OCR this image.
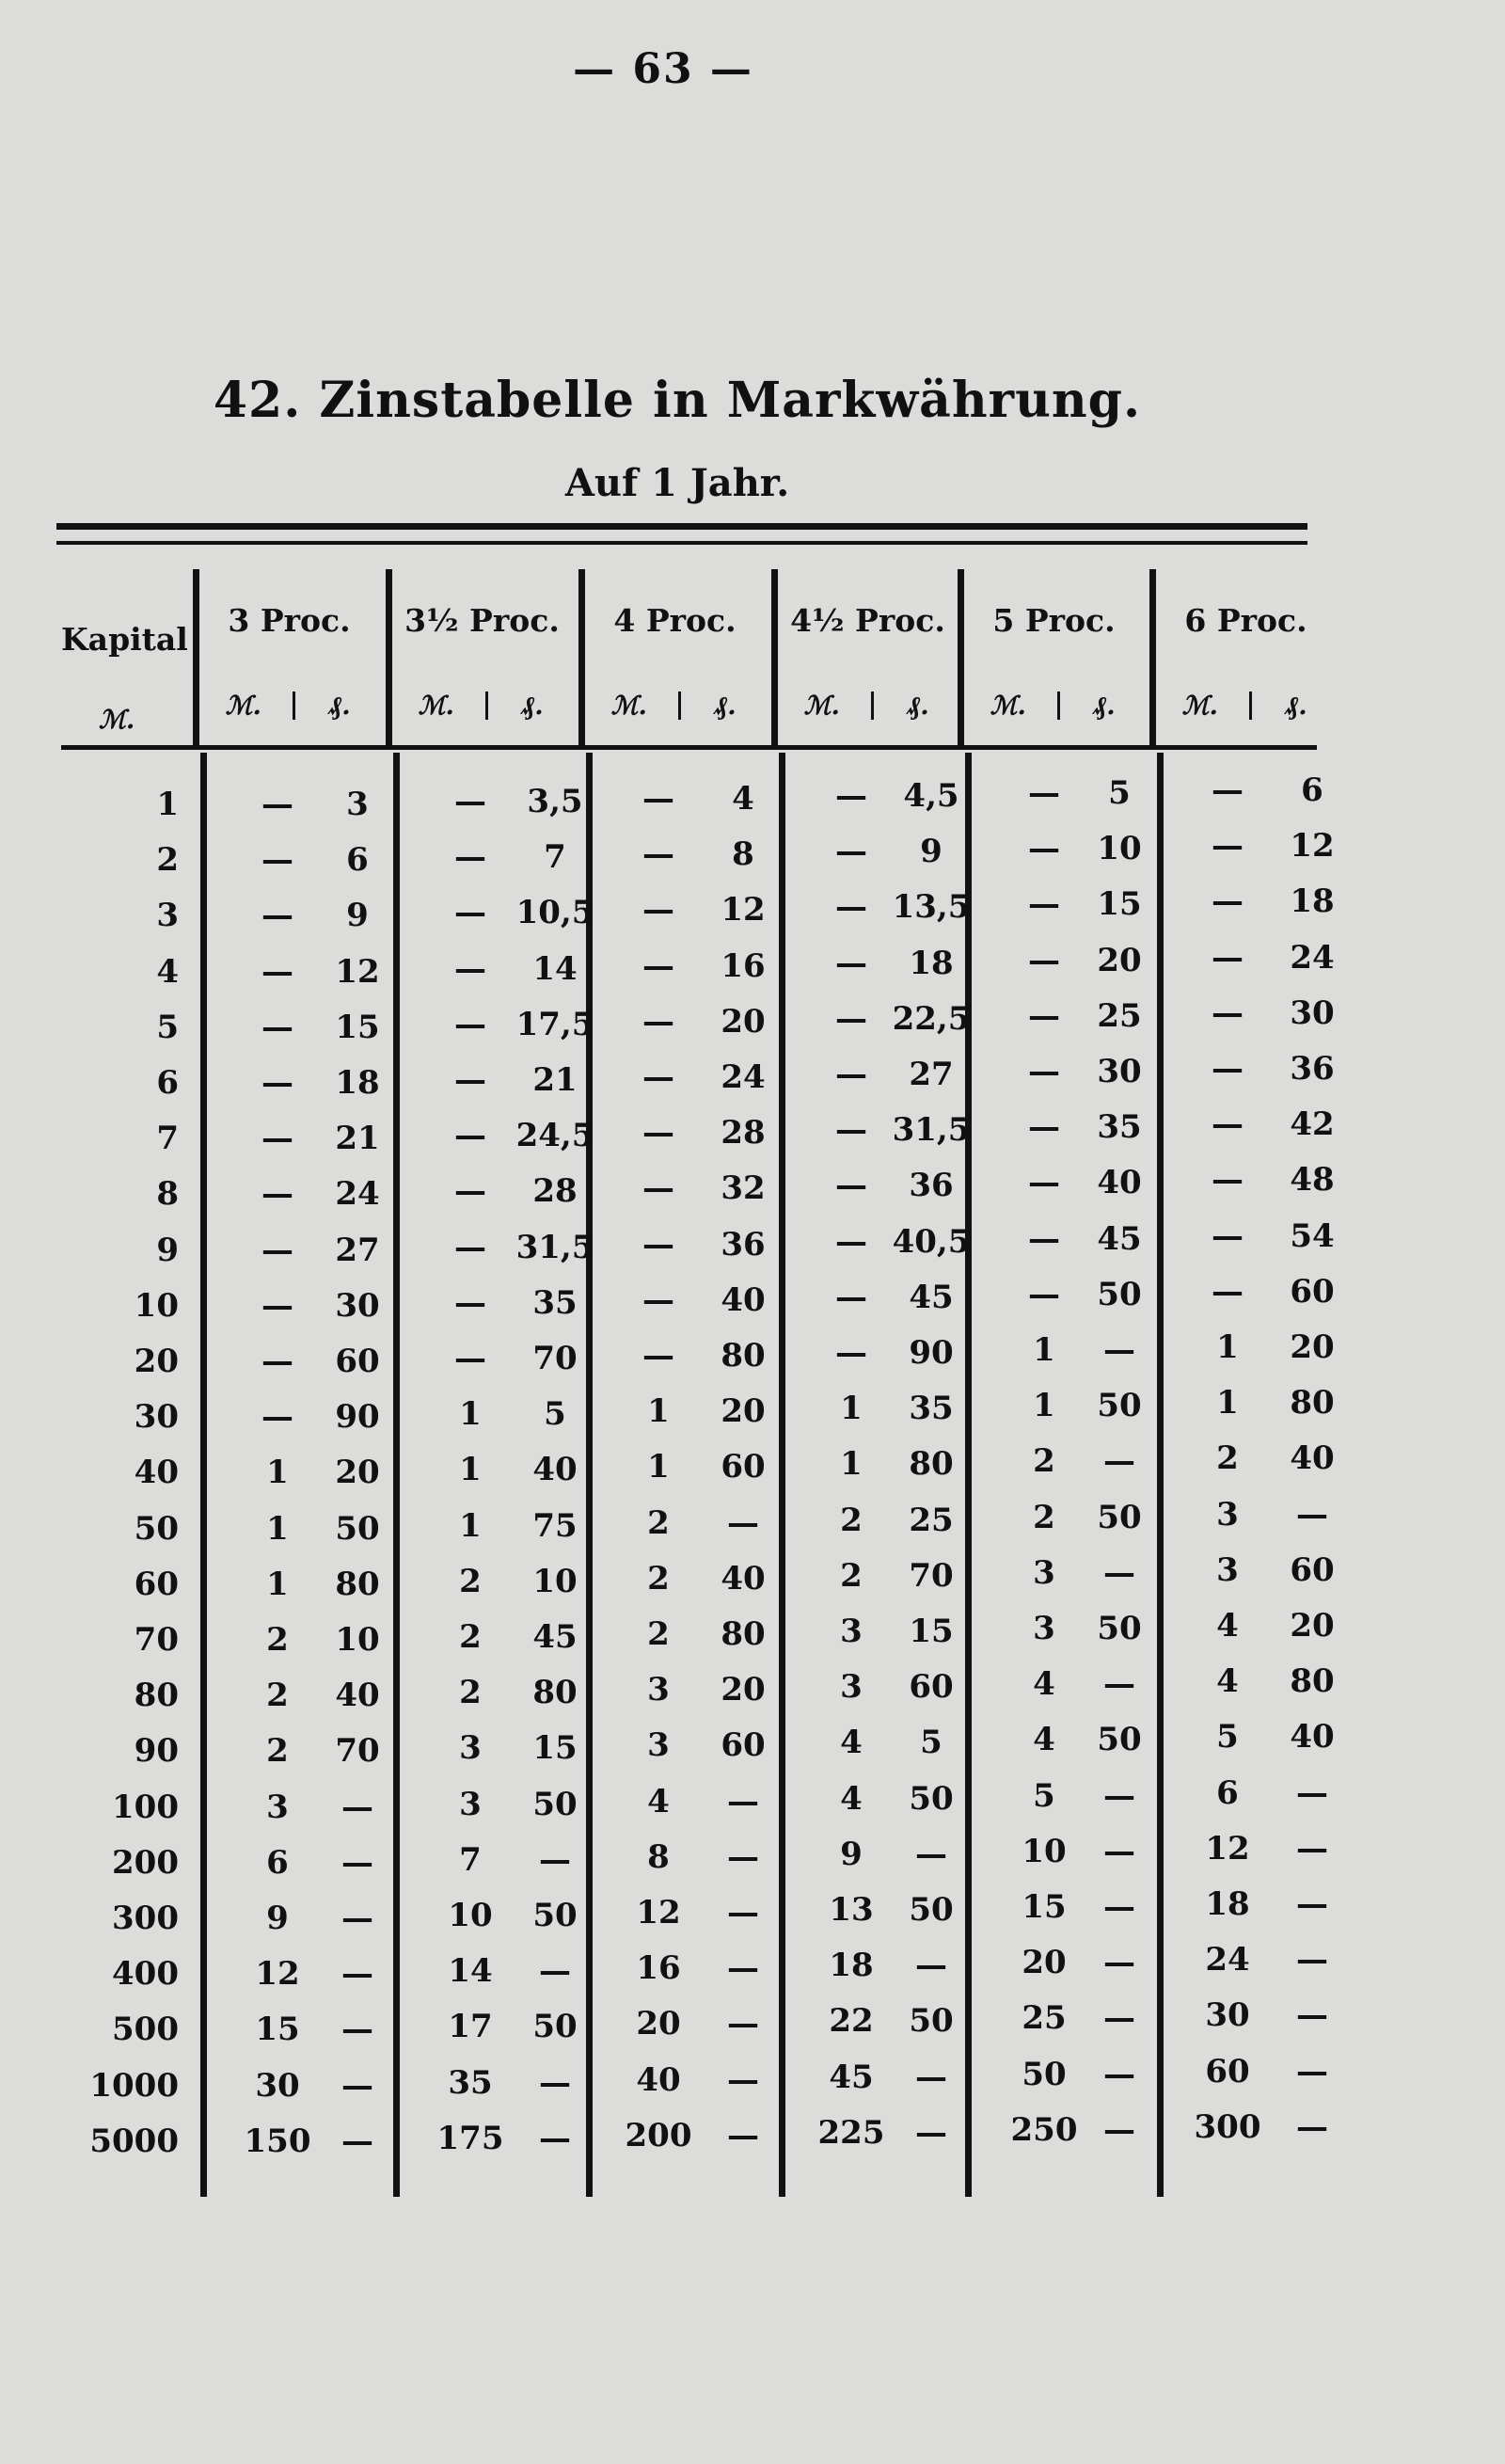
— 63 —
42. Zinstabelle in Markwährung.
Auf 1 Jahr.
3 Proc.
ℳ.	₰.
3½ Proc.
ℳ.	₰.
4 Proc.
ℳ.	₰.
4½ Proc.
ℳ.	₰.
5 Proc.
ℳ.	₰.
6 Proc.
ℳ.	₰.
Kapital
ℳ.
1	—	3	—	3,5	—	4	—	4,5	—	5	—	6
2	—	6	—	7	—	8	—	9	—	10	—	12
3	—	9	— 10,5	—	12	— 13,5	—	15	—	18
4	—	12	—	14	—	16	—	18	—	20	—	24
5	—	15	— 17,5	—	20	— 22,5	—	25	—	30
6	—	18	—	21	—	24	—	27	—	30	—	36
7	—	21	— 24,5	—	28	— 31,5	—	35	—	42
8	—	24	—	28	—	32	—	36	—	40	—	48
9	—	27	— 31,5	—	36	— 40,5	—	45	—	54
10	—	30	—	35	—	40	—	45	—	50	—	60
20	—	60	—	70	—	80	—	90	1	—	1	20
30	—	90	1	5	1	20	1	35	1	50	1	80
40	1	20	1	40	1	60	1	80	2	—	2	40
50	1	50	1	75	2	—	2	25	2	50	3	—
60	1	80	2	10	2	40	2	70	3	—	3	60
70	2	10	2	45	2	80	3	15	3	50	4	20
80	2	40	2	80	3	20	3	60	4	—	4	80
90	2	70	3	15	3	60	4	5	4	50	5	40
100	3	—	3	50	4	—	4	50	5	—	6	—
200	6	—	7	—	8	—	9	—	10	—	12	—
300	9	—	10	50	12	—	13	50	15	—	18	—
400	12	—	14	—	16	—	18	—	20	—	24	—
500	15	—	17	50	20	—	22	50	25	—	30	—
1000	30	—	35	—	40	—	45	—	50	—	60	—
5000	150 —	175	—	200	—	225 —	250 —	300	—
